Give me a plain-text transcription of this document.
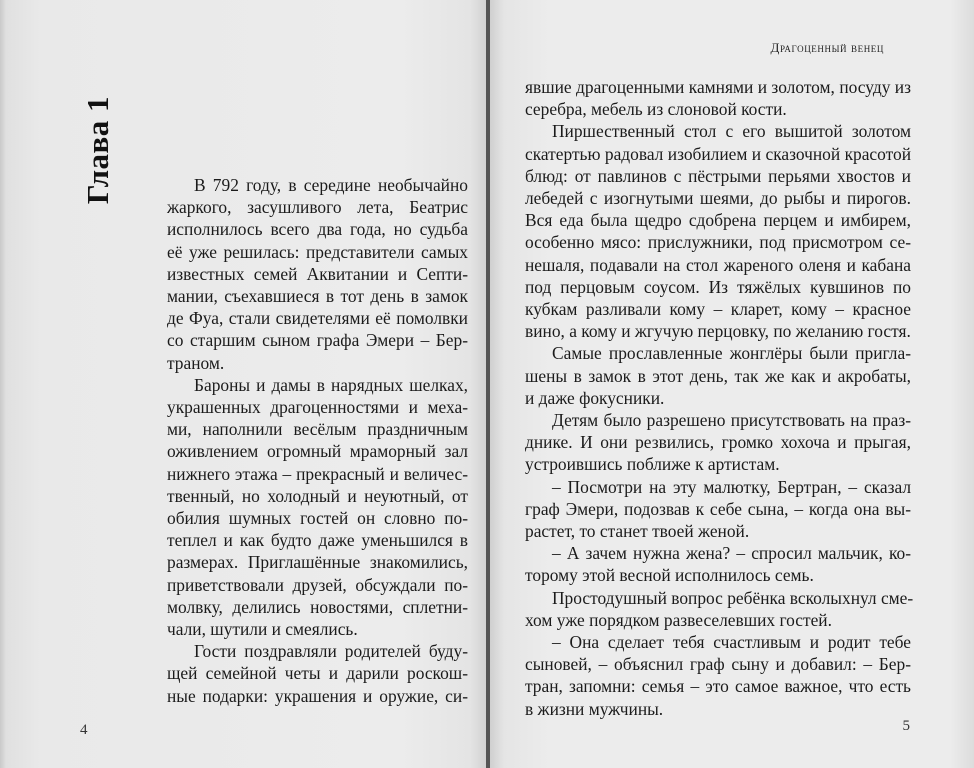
Глава 1	В 792 году, в середине необычайно
жаркого, засушливого лета, Беатрис
исполнилось всего два года, но судьба
её уже решилась: представители самых
известных семей Аквитании и Септи-
мании, съехавшиеся в тот день в замок
де Фуа, стали свидетелями её помолвки
со старшим сыном графа Эмери – Бер-
траном.

Бароны и дамы в нарядных шелках,
украшенных драгоценностями и меха-
ми, наполнили весёлым праздничным
оживлением огромный мраморный зал
нижнего этажа – прекрасный и величес-
твенный, но холодный и неуютный, от
обилия шумных гостей он словно по-
теплел и как будто даже уменьшился в
размерах. Приглашённые знакомились,
приветствовали друзей, обсуждали по-
молвку, делились новостями, сплетни-
чали, шутили и смеялись.

Гости поздравляли родителей буду-
щей семейной четы и дарили роскош-
ные подарки: украшения и оружие, си-

4
Драгоценный венец

явшие драгоценными камнями и золотом, посуду из
серебра, мебель из слоновой кости.

Пиршественный стол с его вышитой золотом
скатертью радовал изобилием и сказочной красотой
блюд: от павлинов с пёстрыми перьями хвостов и
лебедей с изогнутыми шеями, до рыбы и пирогов.
Вся еда была щедро сдобрена перцем и имбирем,
особенно мясо: прислужники, под присмотром се-
нешаля, подавали на стол жареного оленя и кабана
под перцовым соусом. Из тяжёлых кувшинов по
кубкам разливали кому – кларет, кому – красное
вино, а кому и жгучую перцовку, по желанию гостя.

Самые прославленные жонглёры были пригла-
шены в замок в этот день, так же как и акробаты,
и даже фокусники.

Детям было разрешено присутствовать на праз-
днике. И они резвились, громко хохоча и прыгая,
устроившись поближе к артистам.

– Посмотри на эту малютку, Бертран, – сказал
граф Эмери, подозвав к себе сына, – когда она вы-
растет, то станет твоей женой.

– А зачем нужна жена? – спросил мальчик, ко-
торому этой весной исполнилось семь.

Простодушный вопрос ребёнка всколыхнул сме-
хом уже порядком развеселевших гостей.

– Она сделает тебя счастливым и родит тебе
сыновей, – объяснил граф сыну и добавил: – Бер-
тран, запомни: семья – это самое важное, что есть
в жизни мужчины.

5
